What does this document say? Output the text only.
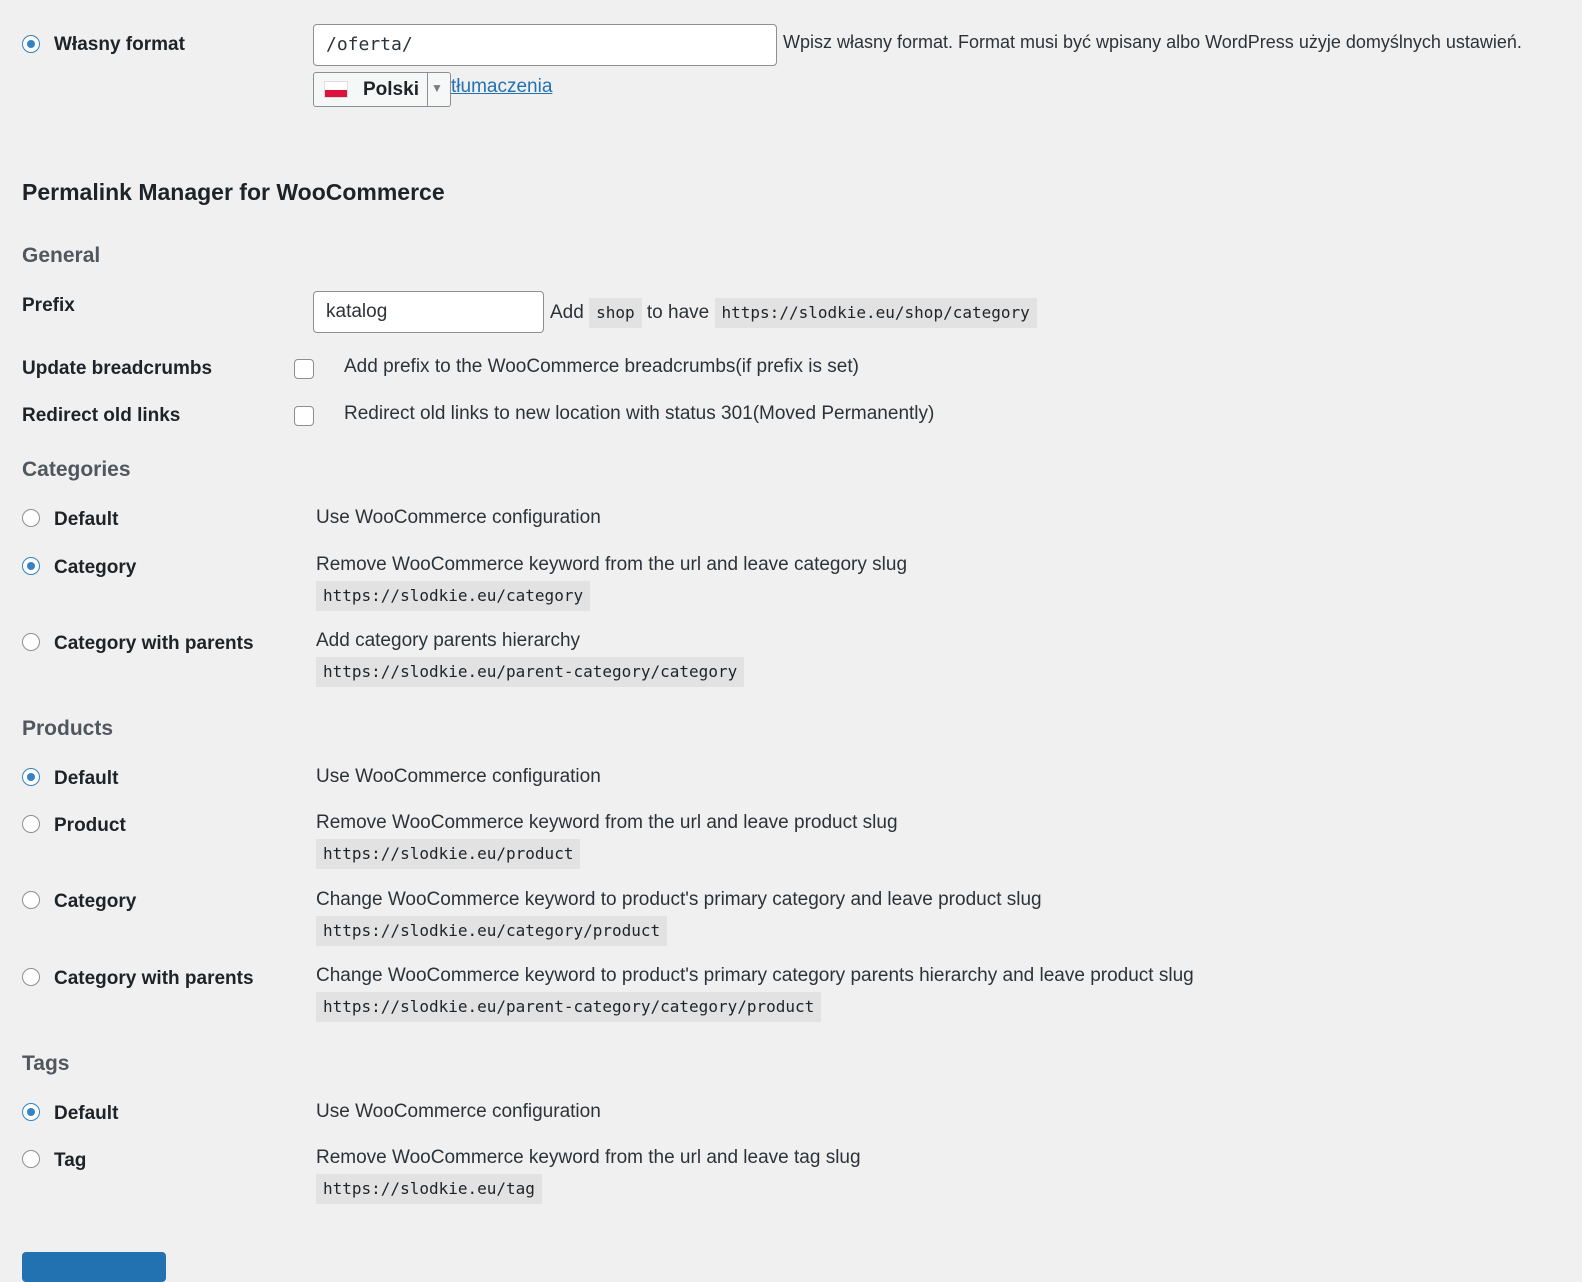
Własny format	/oferta/	Wpisz własny format. Format musi być wpisany albo WordPress użyje domyślnych ustawień.
Polski ▼ tłumaczenia
Permalink Manager for WooCommerce
General
Prefix	katalog	Add shop to have https://slodkie.eu/shop/category
Update breadcrumbs	Add prefix to the WooCommerce breadcrumbs(if prefix is set)
Redirect old links	Redirect old links to new location with status 301(Moved Permanently)
Categories
Default	Use WooCommerce configuration
Category	Remove WooCommerce keyword from the url and leave category slug
https://slodkie.eu/category
Category with parents	Add category parents hierarchy
https://slodkie.eu/parent-category/category
Products
Default	Use WooCommerce configuration
Product	Remove WooCommerce keyword from the url and leave product slug
https://slodkie.eu/product
Category	Change WooCommerce keyword to product's primary category and leave product slug
https://slodkie.eu/category/product
Category with parents	Change WooCommerce keyword to product's primary category parents hierarchy and leave product slug
https://slodkie.eu/parent-category/category/product
Tags
Default	Use WooCommerce configuration
Tag	Remove WooCommerce keyword from the url and leave tag slug
https://slodkie.eu/tag
